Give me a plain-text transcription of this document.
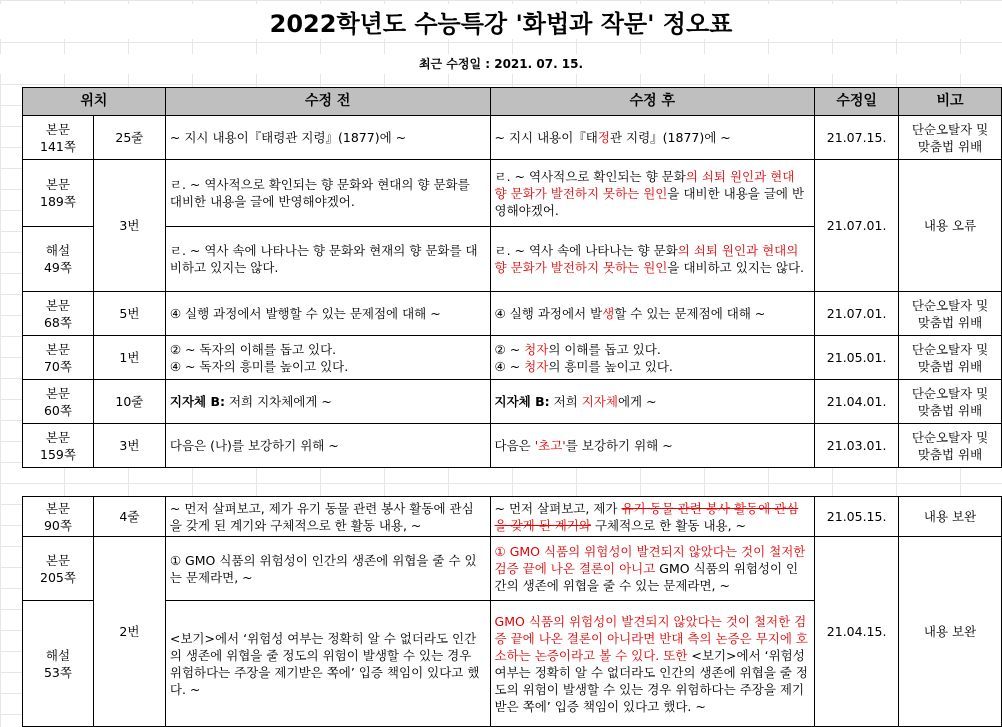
2022학년도 수능특강 '화법과 작문' 정오표
최근 수정일 : 2021. 07. 15.
위치		수정 전	수정 후	수정일	비고
본문
141쪽	25줄	~ 지시 내용이『태령관 지령』(1877)에 ~	~ 지시 내용이『태정관 지령』(1877)에 ~	21.07.15.	단순오탈자 및
맞춤법 위배
본문
189쪽	3번	ㄹ. ~ 역사적으로 확인되는 향 문화와 현대의 향 문화를 대비한 내용을 글에 반영해야겠어.	ㄹ. ~ 역사적으로 확인되는 향 문화의 쇠퇴 원인과 현대 향 문화가 발전하지 못하는 원인을 대비한 내용을 글에 반영해야겠어.	21.07.01.	내용 오류
해설
49쪽		ㄹ. ~ 역사 속에 나타나는 향 문화와 현재의 향 문화를 대비하고 있지는 않다.	ㄹ. ~ 역사 속에 나타나는 향 문화의 쇠퇴 원인과 현대의 향 문화가 발전하지 못하는 원인을 대비하고 있지는 않다.		
본문
68쪽	5번	④ 실행 과정에서 발행할 수 있는 문제점에 대해 ~	④ 실행 과정에서 발생할 수 있는 문제점에 대해 ~	21.07.01.	단순오탈자 및
맞춤법 위배
본문
70쪽	1번	② ~ 독자의 이해를 돕고 있다.
④ ~ 독자의 흥미를 높이고 있다.	② ~ 청자의 이해를 돕고 있다.
④ ~ 청자의 흥미를 높이고 있다.	21.05.01.	단순오탈자 및
맞춤법 위배
본문
60쪽	10줄	지자체 B: 저희 지차체에게 ~	지자체 B: 저희 지자체에게 ~	21.04.01.	단순오탈자 및
맞춤법 위배
본문
159쪽	3번	다음은 (나)를 보강하기 위해 ~	다음은 '초고'를 보강하기 위해 ~	21.03.01.	단순오탈자 및
맞춤법 위배
본문
90쪽	4줄	~ 먼저 살펴보고, 제가 유기 동물 관련 봉사 활동에 관심을 갖게 된 계기와 구체적으로 한 활동 내용, ~	~ 먼저 살펴보고, 제가 유기 동물 관련 봉사 활동에 관심을 갖게 된 계기와 구체적으로 한 활동 내용, ~	21.05.15.	내용 보완
본문
205쪽	2번	① GMO 식품의 위험성이 인간의 생존에 위협을 줄 수 있는 문제라면, ~	① GMO 식품의 위험성이 발견되지 않았다는 것이 철저한 검증 끝에 나온 결론이 아니고 GMO 식품의 위험성이 인간의 생존에 위협을 줄 수 있는 문제라면, ~	21.04.15.	내용 보완
해설
53쪽		<보기>에서 ‘위험성 여부는 정확히 알 수 없더라도 인간의 생존에 위협을 줄 정도의 위험이 발생할 수 있는 경우 위험하다는 주장을 제기받은 쪽에’ 입증 책임이 있다고 했다. ~	GMO 식품의 위험성이 발견되지 않았다는 것이 철저한 검증 끝에 나온 결론이 아니라면 반대 측의 논증은 무지에 호소하는 논증이라고 볼 수 있다. 또한 <보기>에서 ‘위험성 여부는 정확히 알 수 없더라도 인간의 생존에 위협을 줄 정도의 위험이 발생할 수 있는 경우 위험하다는 주장을 제기받은 쪽에’ 입증 책임이 있다고 했다. ~		
